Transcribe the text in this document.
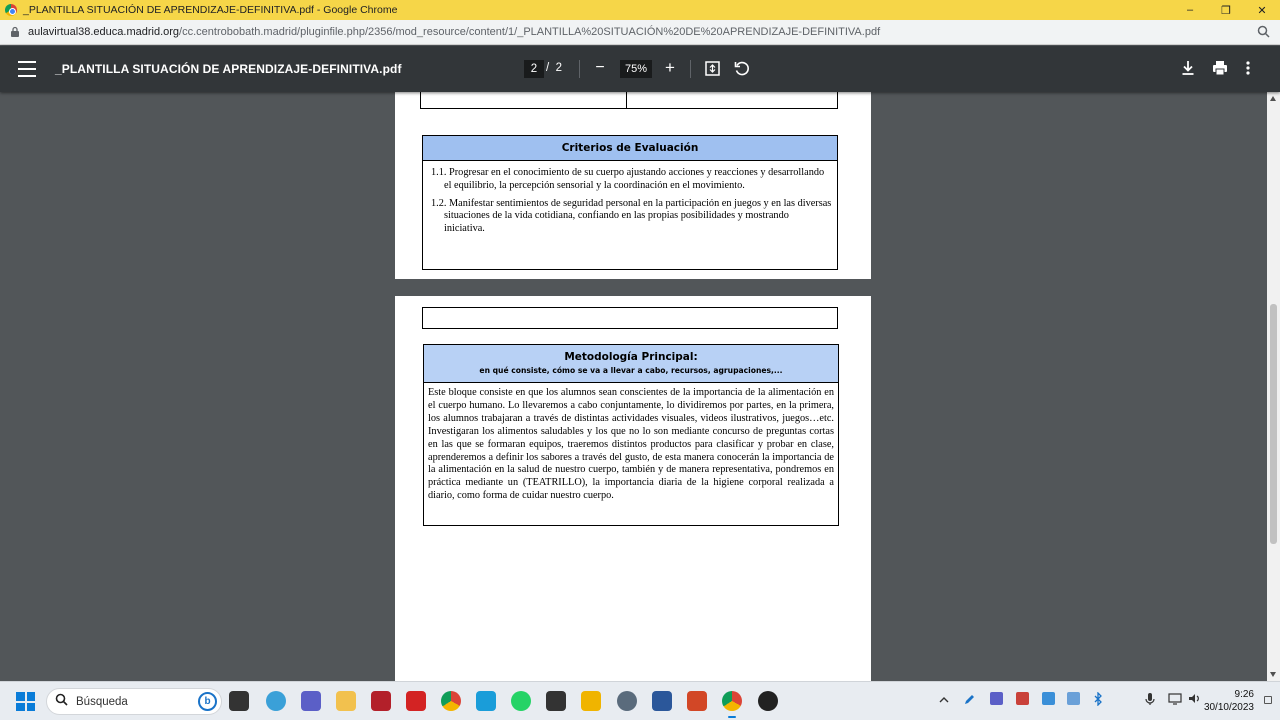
_PLANTILLA SITUACIÓN DE APRENDIZAJE-DEFINITIVA.pdf - Google Chrome	–	❐	✕
aulavirtual38.educa.madrid.org/cc.centrobobath.madrid/pluginfile.php/2356/mod_resource/content/1/_PLANTILLA%20SITUACIÓN%20DE%20APRENDIZAJE-DEFINITIVA.pdf
_PLANTILLA SITUACIÓN DE APRENDIZAJE-DEFINITIVA.pdf	2 / 2 −	75% +
Criterios de Evaluación

1.1. Progresar en el conocimiento de su cuerpo ajustando acciones y reacciones y desarrollando el equilibrio, la percepción sensorial y la coordinación en el movimiento.

1.2. Manifestar sentimientos de seguridad personal en la participación en juegos y en las diversas situaciones de la vida cotidiana, confiando en las propias posibilidades y mostrando iniciativa.

Metodología Principal:
en qué consiste, cómo se va a llevar a cabo, recursos, agrupaciones,...
Este bloque consiste en que los alumnos sean conscientes de la importancia de la alimentación en el cuerpo humano. Lo llevaremos a cabo conjuntamente, lo dividiremos por partes, en la primera, los alumnos trabajaran a través de distintas actividades visuales, videos ilustrativos, juegos…etc. Investigaran los alimentos saludables y los que no lo son mediante concurso de preguntas cortas en las que se formaran equipos, traeremos distintos productos para clasificar y probar en clase, aprenderemos a definir los sabores a través del gusto, de esta manera conocerán la importancia de la alimentación en la salud de nuestro cuerpo, también y de manera representativa, pondremos en práctica mediante un (TEATRILLO), la importancia diaria de la higiene corporal realizada a diario, como forma de cuidar nuestro cuerpo.
Búsqueda	b
9:26
30/10/2023
